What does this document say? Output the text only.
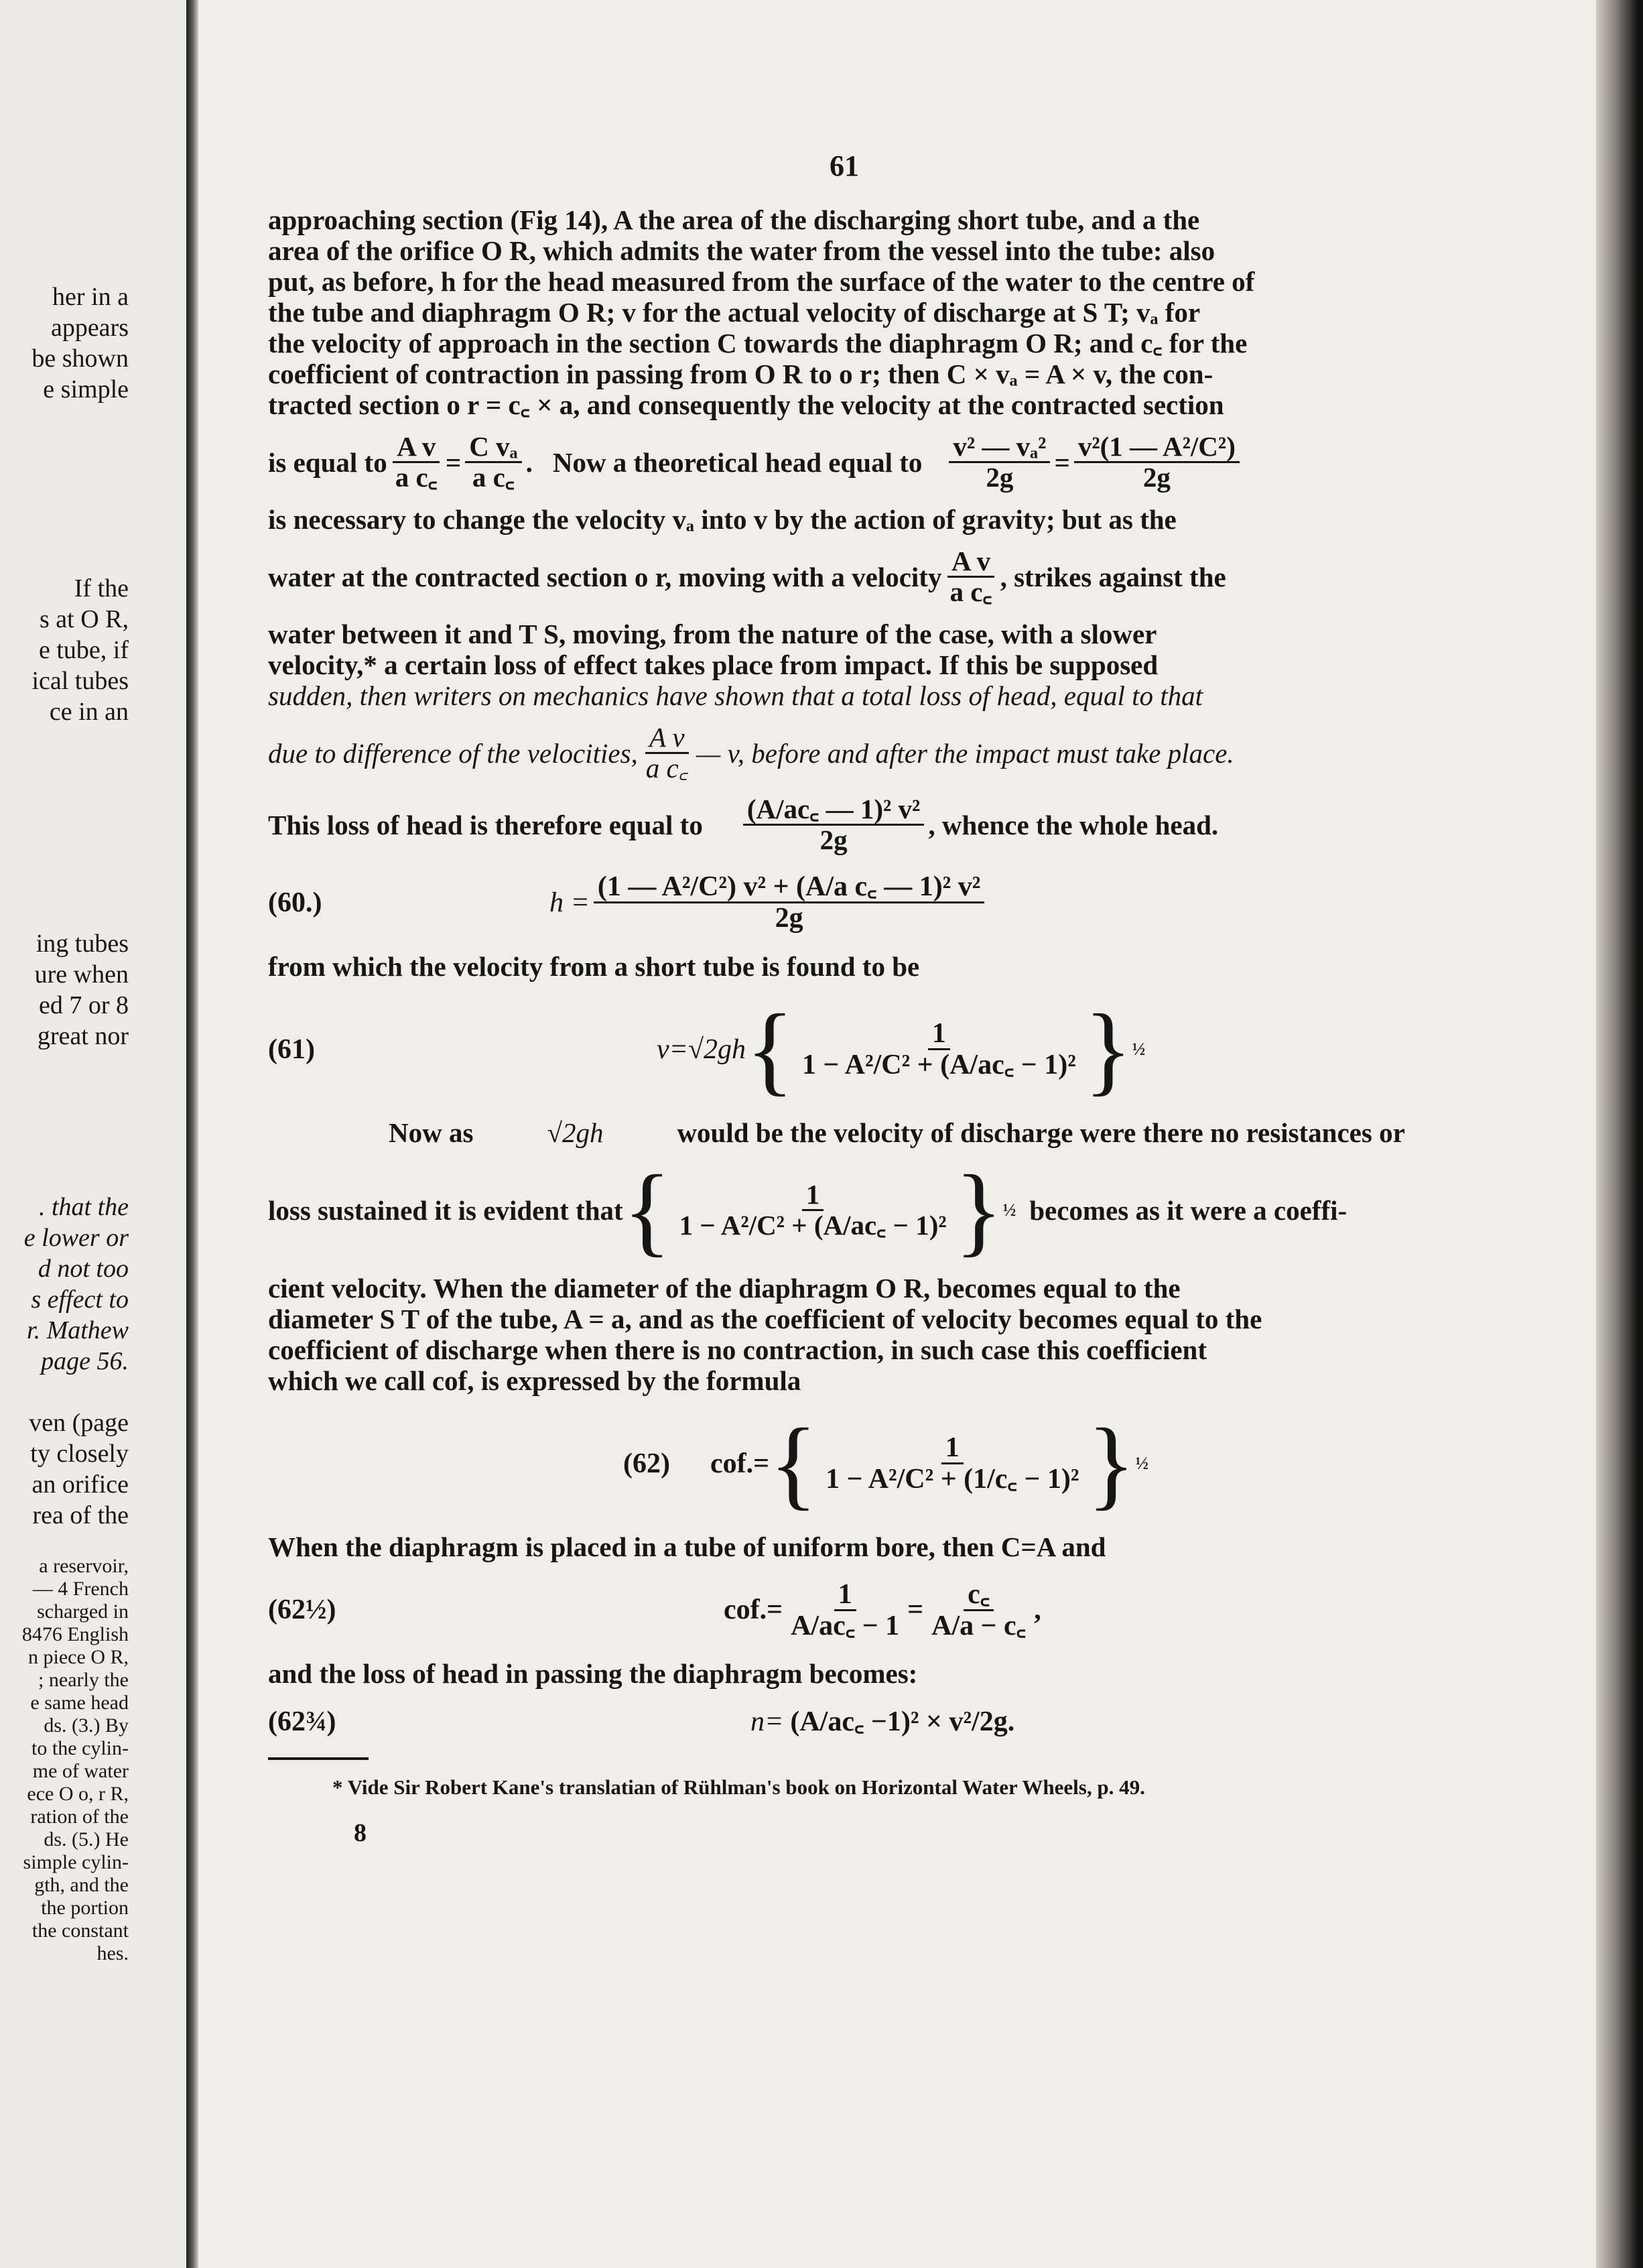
her in a
appears
be shown
e simple
If the
s at O R,
e tube, if
ical tubes
ce in an
ing tubes
ure when
ed 7 or 8
great nor
. that the
e lower or
d not too
s effect to
r. Mathew
page 56.
ven (page
ty closely
an orifice
rea of the
a reservoir,
— 4 French
scharged in
8476 English
n piece O R,
; nearly the
e same head
ds. (3.) By
to the cylin-
me of water
ece O o, r R,
ration of the
ds. (5.) He
simple cylin-
gth, and the
the portion
the constant
hes.
61

approaching section (Fig 14), A the area of the discharging short tube, and a the
area of the orifice O R, which admits the water from the vessel into the tube: also
put, as before, h for the head measured from the surface of the water to the centre of
the tube and diaphragm O R; v for the actual velocity of discharge at S T; vₐ for
the velocity of approach in the section C towards the diaphragm O R; and c꜀ for the
coefficient of contraction in passing from O R to o r; then C × vₐ = A × v, the con-
tracted section o r = c꜀ × a, and consequently the velocity at the contracted section

is equal to $\frac{\text{A v}}{\text{a c꜀}} = \frac{\text{C vₐ}}{\text{a c꜀}}$ . Now a theoretical head equal to $\frac{\text{v² — vₐ²}}{2g} = \frac{\text{v²(1 — A²/C²)}}{2g}$

is necessary to change the velocity vₐ into v by the action of gravity; but as the

water at the contracted section o r, moving with a velocity $\frac{\text{A v}}{\text{a c꜀}}$ , strikes against the

water between it and T S, moving, from the nature of the case, with a slower
velocity,* a certain loss of effect takes place from impact. If this be supposed
sudden, then writers on mechanics have shown that a total loss of head, equal to that

due to difference of the velocities, $\frac{\text{A v}}{\text{a c꜀}}$ — v, before and after the impact must take place.
This loss of head is therefore equal to $\frac{\text{(A/ac꜀ — 1)² v²}}{2g}$ , whence the whole head.
(60.)	$h = \frac{\text{(1 — A²/C²) v² + (A/a c꜀ — 1)² v²}}{2g}$

from which the velocity from a short tube is found to be

(61)	v=√2gh { $\frac{1}{\text{1 − A²/C² + (A/ac꜀ − 1)²}}$ } ½
Now as	√2gh	would be the velocity of discharge were there no resistances or
loss sustained it is evident that { $\frac{1}{\text{1 − A²/C² + (A/ac꜀ − 1)²}}$ } ½ becomes as it were a coeffi-

cient velocity. When the diameter of the diaphragm O R, becomes equal to the
diameter S T of the tube, A = a, and as the coefficient of velocity becomes equal to the
coefficient of discharge when there is no contraction, in such case this coefficient
which we call cof, is expressed by the formula

(62)	cof.= { $\frac{1}{\text{1 − A²/C² + (1/c꜀ − 1)²}}$ } ½

When the diaphragm is placed in a tube of uniform bore, then C=A and

(62½)	$cof.= \frac{1}{A/ac꜀ - 1} = \frac{c꜀}{A/a - c꜀}$ ,

and the loss of head in passing the diaphragm becomes:

(62¾)	n= (A/ac꜀ −1)² × v²/2g.
* Vide Sir Robert Kane's translatian of Rühlman's book on Horizontal Water Wheels, p. 49.
8
